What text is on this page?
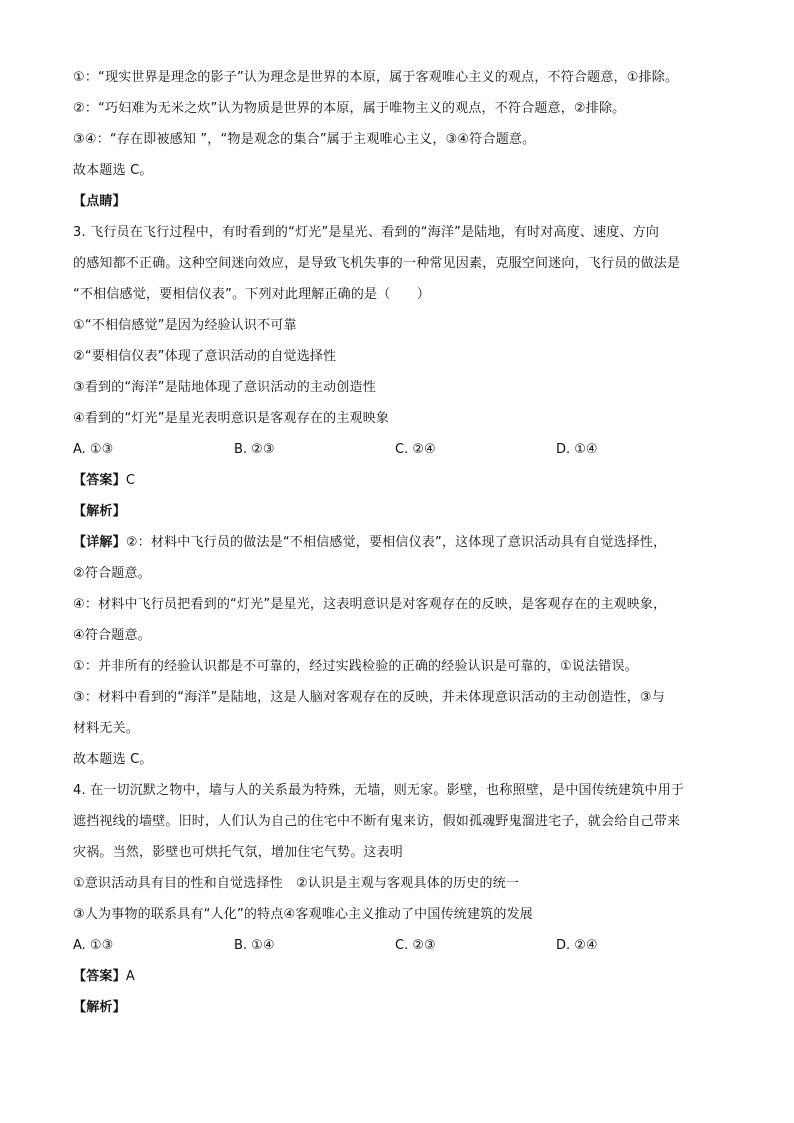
①：“现实世界是理念的影子”认为理念是世界的本原，属于客观唯心主义的观点，不符合题意，①排除。
②：“巧妇难为无米之炊”认为物质是世界的本原，属于唯物主义的观点，不符合题意，②排除。
③④：“存在即被感知 ”，“物是观念的集合”属于主观唯心主义，③④符合题意。
故本题选 C。
【点睛】
3. 飞行员在飞行过程中，有时看到的“灯光”是星光、看到的“海洋”是陆地，有时对高度、速度、方向
的感知都不正确。这种空间迷向效应，是导致飞机失事的一种常见因素，克服空间迷向，飞行员的做法是
“不相信感觉，要相信仪表”。下列对此理解正确的是（　　）
①“不相信感觉”是因为经验认识不可靠
②“要相信仪表”体现了意识活动的自觉选择性
③看到的“海洋”是陆地体现了意识活动的主动创造性
④看到的“灯光”是星光表明意识是客观存在的主观映象
A. ①③	B. ②③	C. ②④	D. ①④
【答案】C
【解析】
【详解】②：材料中飞行员的做法是“不相信感觉，要相信仪表”，这体现了意识活动具有自觉选择性，
②符合题意。
④：材料中飞行员把看到的“灯光”是星光，这表明意识是对客观存在的反映，是客观存在的主观映象，
④符合题意。
①：并非所有的经验认识都是不可靠的，经过实践检验的正确的经验认识是可靠的，①说法错误。
③：材料中看到的“海洋”是陆地，这是人脑对客观存在的反映，并未体现意识活动的主动创造性，③与
材料无关。
故本题选 C。
4. 在一切沉默之物中，墙与人的关系最为特殊，无墙，则无家。影壁，也称照壁，是中国传统建筑中用于
遮挡视线的墙壁。旧时，人们认为自己的住宅中不断有鬼来访，假如孤魂野鬼溜进宅子，就会给自己带来
灾祸。当然，影壁也可烘托气氛，增加住宅气势。这表明
①意识活动具有目的性和自觉选择性　②认识是主观与客观具体的历史的统一
③人为事物的联系具有“人化”的特点④客观唯心主义推动了中国传统建筑的发展
A. ①③	B. ①④	C. ②③	D. ②④
【答案】A
【解析】
